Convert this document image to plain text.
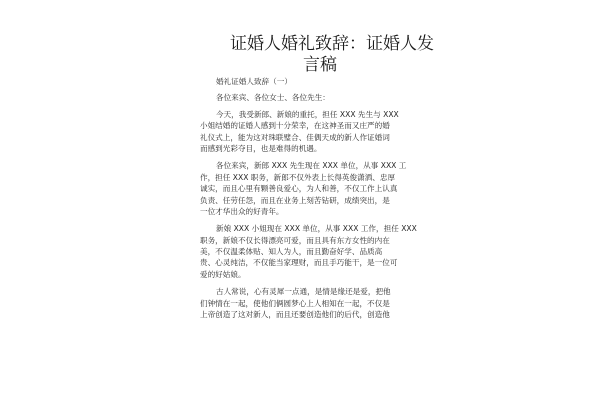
证婚人婚礼致辞：证婚人发
言稿
婚礼证婚人致辞（一）
各位来宾、各位女士、各位先生：
今天，我受新郎、新娘的重托，担任 XXX 先生与 XXX
小姐结婚的证婚人感到十分荣幸，在这神圣而又庄严的婚
礼仪式上，能为这对珠联璧合、佳偶天成的新人作证婚词
而感到光彩夺目，也是难得的机遇。
各位来宾，新郎 XXX 先生现在 XXX 单位，从事 XXX 工
作，担任 XXX 职务，新郎不仅外表上长得英俊潇洒、忠厚
诚实，而且心里有颗善良爱心，为人和善，不仅工作上认真
负责、任劳任怨，而且在业务上刻苦钻研，成绩突出，是
一位才华出众的好青年。
新娘 XXX 小姐现在 XXX 单位，从事 XXX 工作，担任 XXX
职务，新娘不仅长得漂亮可爱，而且具有东方女性的内在
美，不仅温柔体贴、知人为人，而且勤奋好学、品质高
贵、心灵纯洁，不仅能当家理财，而且手巧能干，是一位可
爱的好姑娘。
古人常说，心有灵犀一点通，是情是缘还是爱，把他
们钟情在一起，使他们俩圆梦心上人相知在一起，不仅是
上帝创造了这对新人，而且还要创造他们的后代，创造他
